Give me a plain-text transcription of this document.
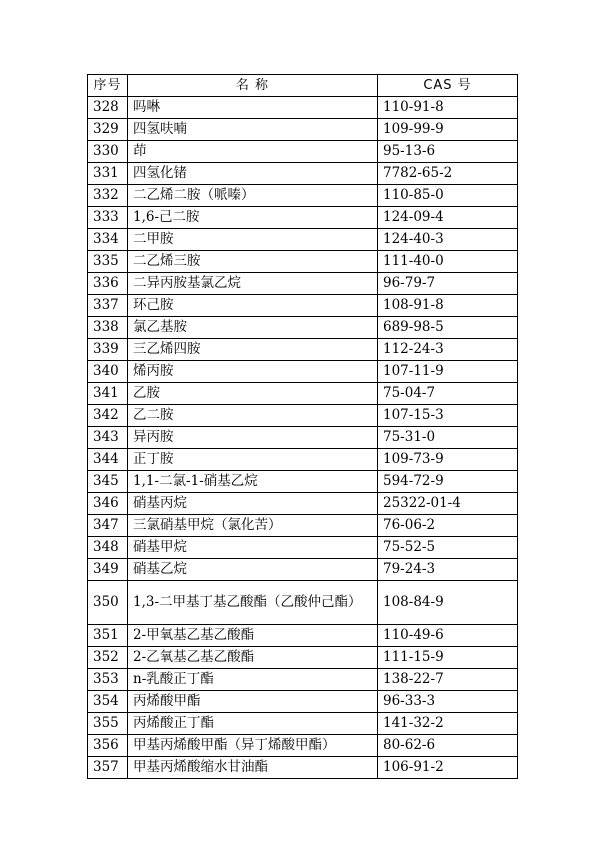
序号	名 称	CAS 号
328	吗啉	110-91-8
329	四氢呋喃	109-99-9
330	茚	95-13-6
331	四氢化锗	7782-65-2
332	二乙烯二胺（哌嗪）	110-85-0
333	1,6-己二胺	124-09-4
334	二甲胺	124-40-3
335	二乙烯三胺	111-40-0
336	二异丙胺基氯乙烷	96-79-7
337	环己胺	108-91-8
338	氯乙基胺	689-98-5
339	三乙烯四胺	112-24-3
340	烯丙胺	107-11-9
341	乙胺	75-04-7
342	乙二胺	107-15-3
343	异丙胺	75-31-0
344	正丁胺	109-73-9
345	1,1-二氯-1-硝基乙烷	594-72-9
346	硝基丙烷	25322-01-4
347	三氯硝基甲烷（氯化苦）	76-06-2
348	硝基甲烷	75-52-5
349	硝基乙烷	79-24-3
350	1,3-二甲基丁基乙酸酯（乙酸仲己酯）	108-84-9
351	2-甲氧基乙基乙酸酯	110-49-6
352	2-乙氧基乙基乙酸酯	111-15-9
353	n-乳酸正丁酯	138-22-7
354	丙烯酸甲酯	96-33-3
355	丙烯酸正丁酯	141-32-2
356	甲基丙烯酸甲酯（异丁烯酸甲酯）	80-62-6
357	甲基丙烯酸缩水甘油酯	106-91-2
